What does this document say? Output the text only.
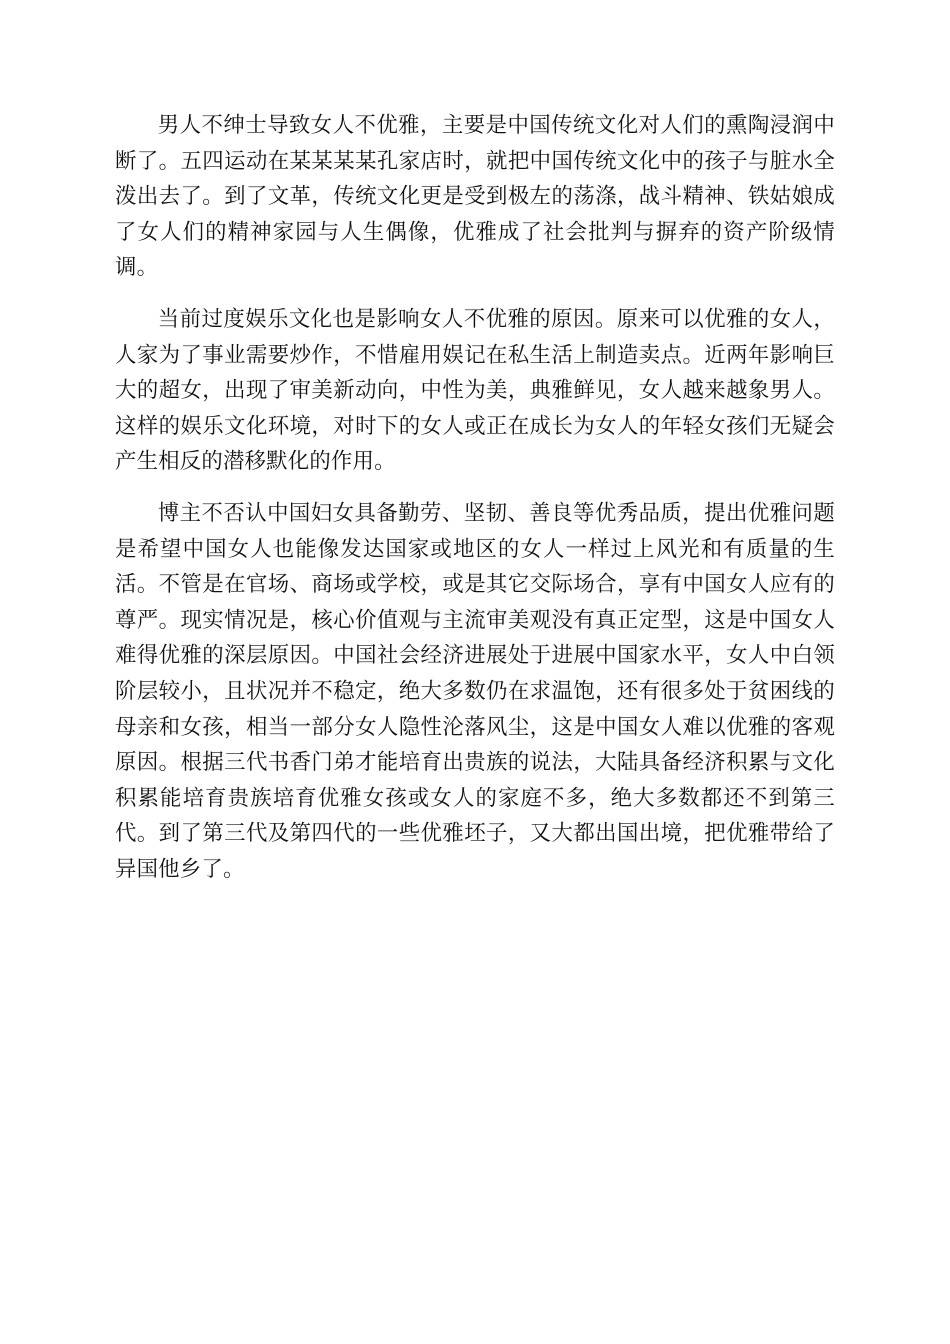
男人不绅士导致女人不优雅，主要是中国传统文化对人们的熏陶浸润中断了。五四运动在某某某某孔家店时，就把中国传统文化中的孩子与脏水全泼出去了。到了文革，传统文化更是受到极左的荡涤，战斗精神、铁姑娘成了女人们的精神家园与人生偶像，优雅成了社会批判与摒弃的资产阶级情调。

当前过度娱乐文化也是影响女人不优雅的原因。原来可以优雅的女人，人家为了事业需要炒作，不惜雇用娱记在私生活上制造卖点。近两年影响巨大的超女，出现了审美新动向，中性为美，典雅鲜见，女人越来越象男人。这样的娱乐文化环境，对时下的女人或正在成长为女人的年轻女孩们无疑会产生相反的潜移默化的作用。

博主不否认中国妇女具备勤劳、坚韧、善良等优秀品质，提出优雅问题是希望中国女人也能像发达国家或地区的女人一样过上风光和有质量的生活。不管是在官场、商场或学校，或是其它交际场合，享有中国女人应有的尊严。现实情况是，核心价值观与主流审美观没有真正定型，这是中国女人难得优雅的深层原因。中国社会经济进展处于进展中国家水平，女人中白领阶层较小，且状况并不稳定，绝大多数仍在求温饱，还有很多处于贫困线的母亲和女孩，相当一部分女人隐性沦落风尘，这是中国女人难以优雅的客观原因。根据三代书香门弟才能培育出贵族的说法，大陆具备经济积累与文化积累能培育贵族培育优雅女孩或女人的家庭不多，绝大多数都还不到第三代。到了第三代及第四代的一些优雅坯子，又大都出国出境，把优雅带给了异国他乡了。
